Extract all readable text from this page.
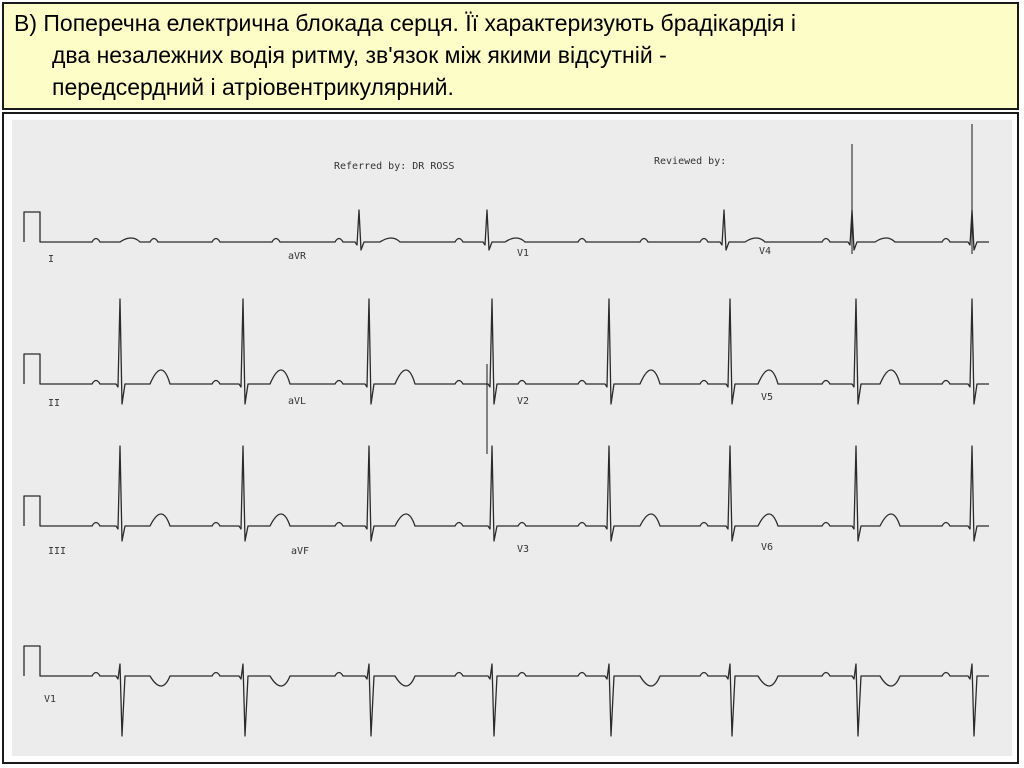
В) Поперечна електрична блокада серця. Її характеризують брадікардія і
два незалежних водія ритму, зв'язок між якими відсутній -
передсердний і атріовентрикулярний.
Referred by: DR ROSS	Reviewed by:
I	aVR	V1	V4
II	aVL	V2	V5
III	aVF	V3	V6
V1
